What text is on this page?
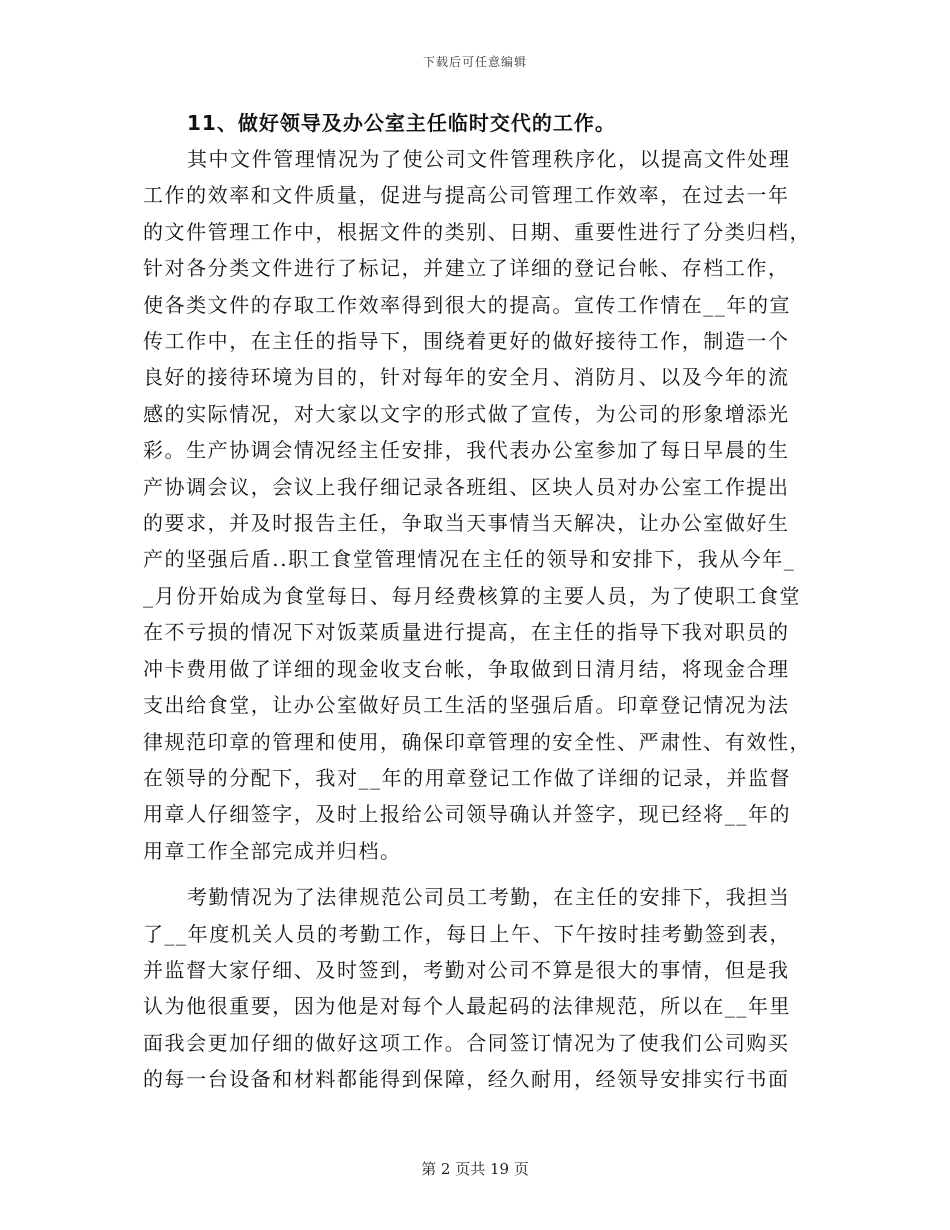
下载后可任意编辑

11、做好领导及办公室主任临时交代的工作。

其中文件管理情况为了使公司文件管理秩序化，以提高文件处理
工作的效率和文件质量，促进与提高公司管理工作效率，在过去一年
的文件管理工作中，根据文件的类别、日期、重要性进行了分类归档，
针对各分类文件进行了标记，并建立了详细的登记台帐、存档工作，
使各类文件的存取工作效率得到很大的提高。宣传工作情在__年的宣
传工作中，在主任的指导下，围绕着更好的做好接待工作，制造一个
良好的接待环境为目的，针对每年的安全月、消防月、以及今年的流
感的实际情况，对大家以文字的形式做了宣传，为公司的形象增添光
彩。生产协调会情况经主任安排，我代表办公室参加了每日早晨的生
产协调会议，会议上我仔细记录各班组、区块人员对办公室工作提出
的要求，并及时报告主任，争取当天事情当天解决，让办公室做好生
产的坚强后盾..职工食堂管理情况在主任的领导和安排下，我从今年_
_月份开始成为食堂每日、每月经费核算的主要人员，为了使职工食堂
在不亏损的情况下对饭菜质量进行提高，在主任的指导下我对职员的
冲卡费用做了详细的现金收支台帐，争取做到日清月结，将现金合理
支出给食堂，让办公室做好员工生活的坚强后盾。印章登记情况为法
律规范印章的管理和使用，确保印章管理的安全性、严肃性、有效性，
在领导的分配下，我对__年的用章登记工作做了详细的记录，并监督
用章人仔细签字，及时上报给公司领导确认并签字，现已经将__年的
用章工作全部完成并归档。
考勤情况为了法律规范公司员工考勤，在主任的安排下，我担当
了__年度机关人员的考勤工作，每日上午、下午按时挂考勤签到表，
并监督大家仔细、及时签到，考勤对公司不算是很大的事情，但是我
认为他很重要，因为他是对每个人最起码的法律规范，所以在__年里
面我会更加仔细的做好这项工作。合同签订情况为了使我们公司购买
的每一台设备和材料都能得到保障，经久耐用，经领导安排实行书面
第 2 页共 19 页
